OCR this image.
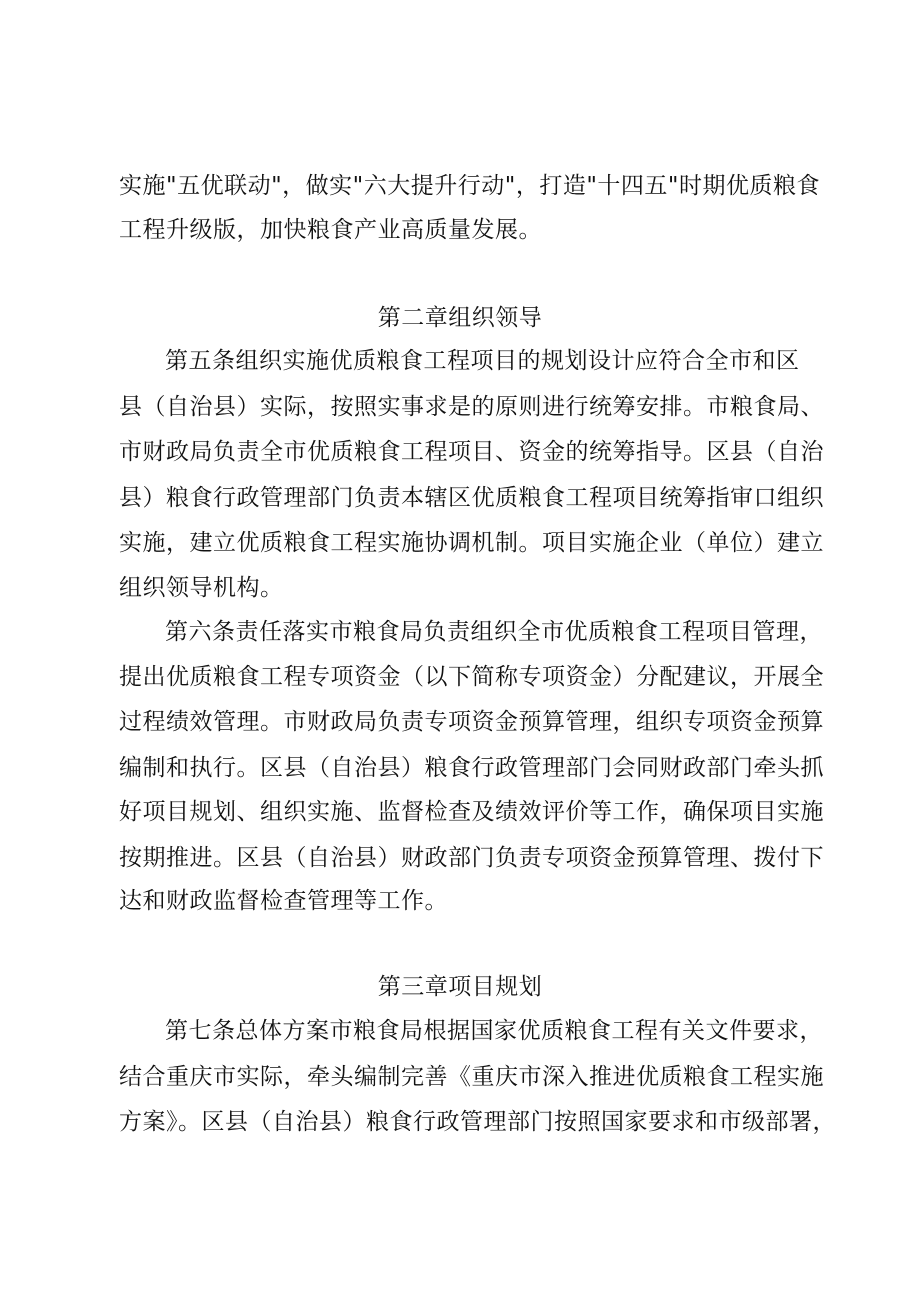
实施"五优联动"，做实"六大提升行动"，打造"十四五"时期优质粮食
工程升级版，加快粮食产业高质量发展。
第二章组织领导
第五条组织实施优质粮食工程项目的规划设计应符合全市和区
县（自治县）实际，按照实事求是的原则进行统筹安排。市粮食局、
市财政局负责全市优质粮食工程项目、资金的统筹指导。区县（自治
县）粮食行政管理部门负责本辖区优质粮食工程项目统筹指审口组织
实施，建立优质粮食工程实施协调机制。项目实施企业（单位）建立
组织领导机构。
第六条责任落实市粮食局负责组织全市优质粮食工程项目管理，
提出优质粮食工程专项资金（以下简称专项资金）分配建议，开展全
过程绩效管理。市财政局负责专项资金预算管理，组织专项资金预算
编制和执行。区县（自治县）粮食行政管理部门会同财政部门牵头抓
好项目规划、组织实施、监督检查及绩效评价等工作，确保项目实施
按期推进。区县（自治县）财政部门负责专项资金预算管理、拨付下
达和财政监督检查管理等工作。
第三章项目规划
第七条总体方案市粮食局根据国家优质粮食工程有关文件要求，
结合重庆市实际，牵头编制完善《重庆市深入推进优质粮食工程实施
方案》。区县（自治县）粮食行政管理部门按照国家要求和市级部署，
